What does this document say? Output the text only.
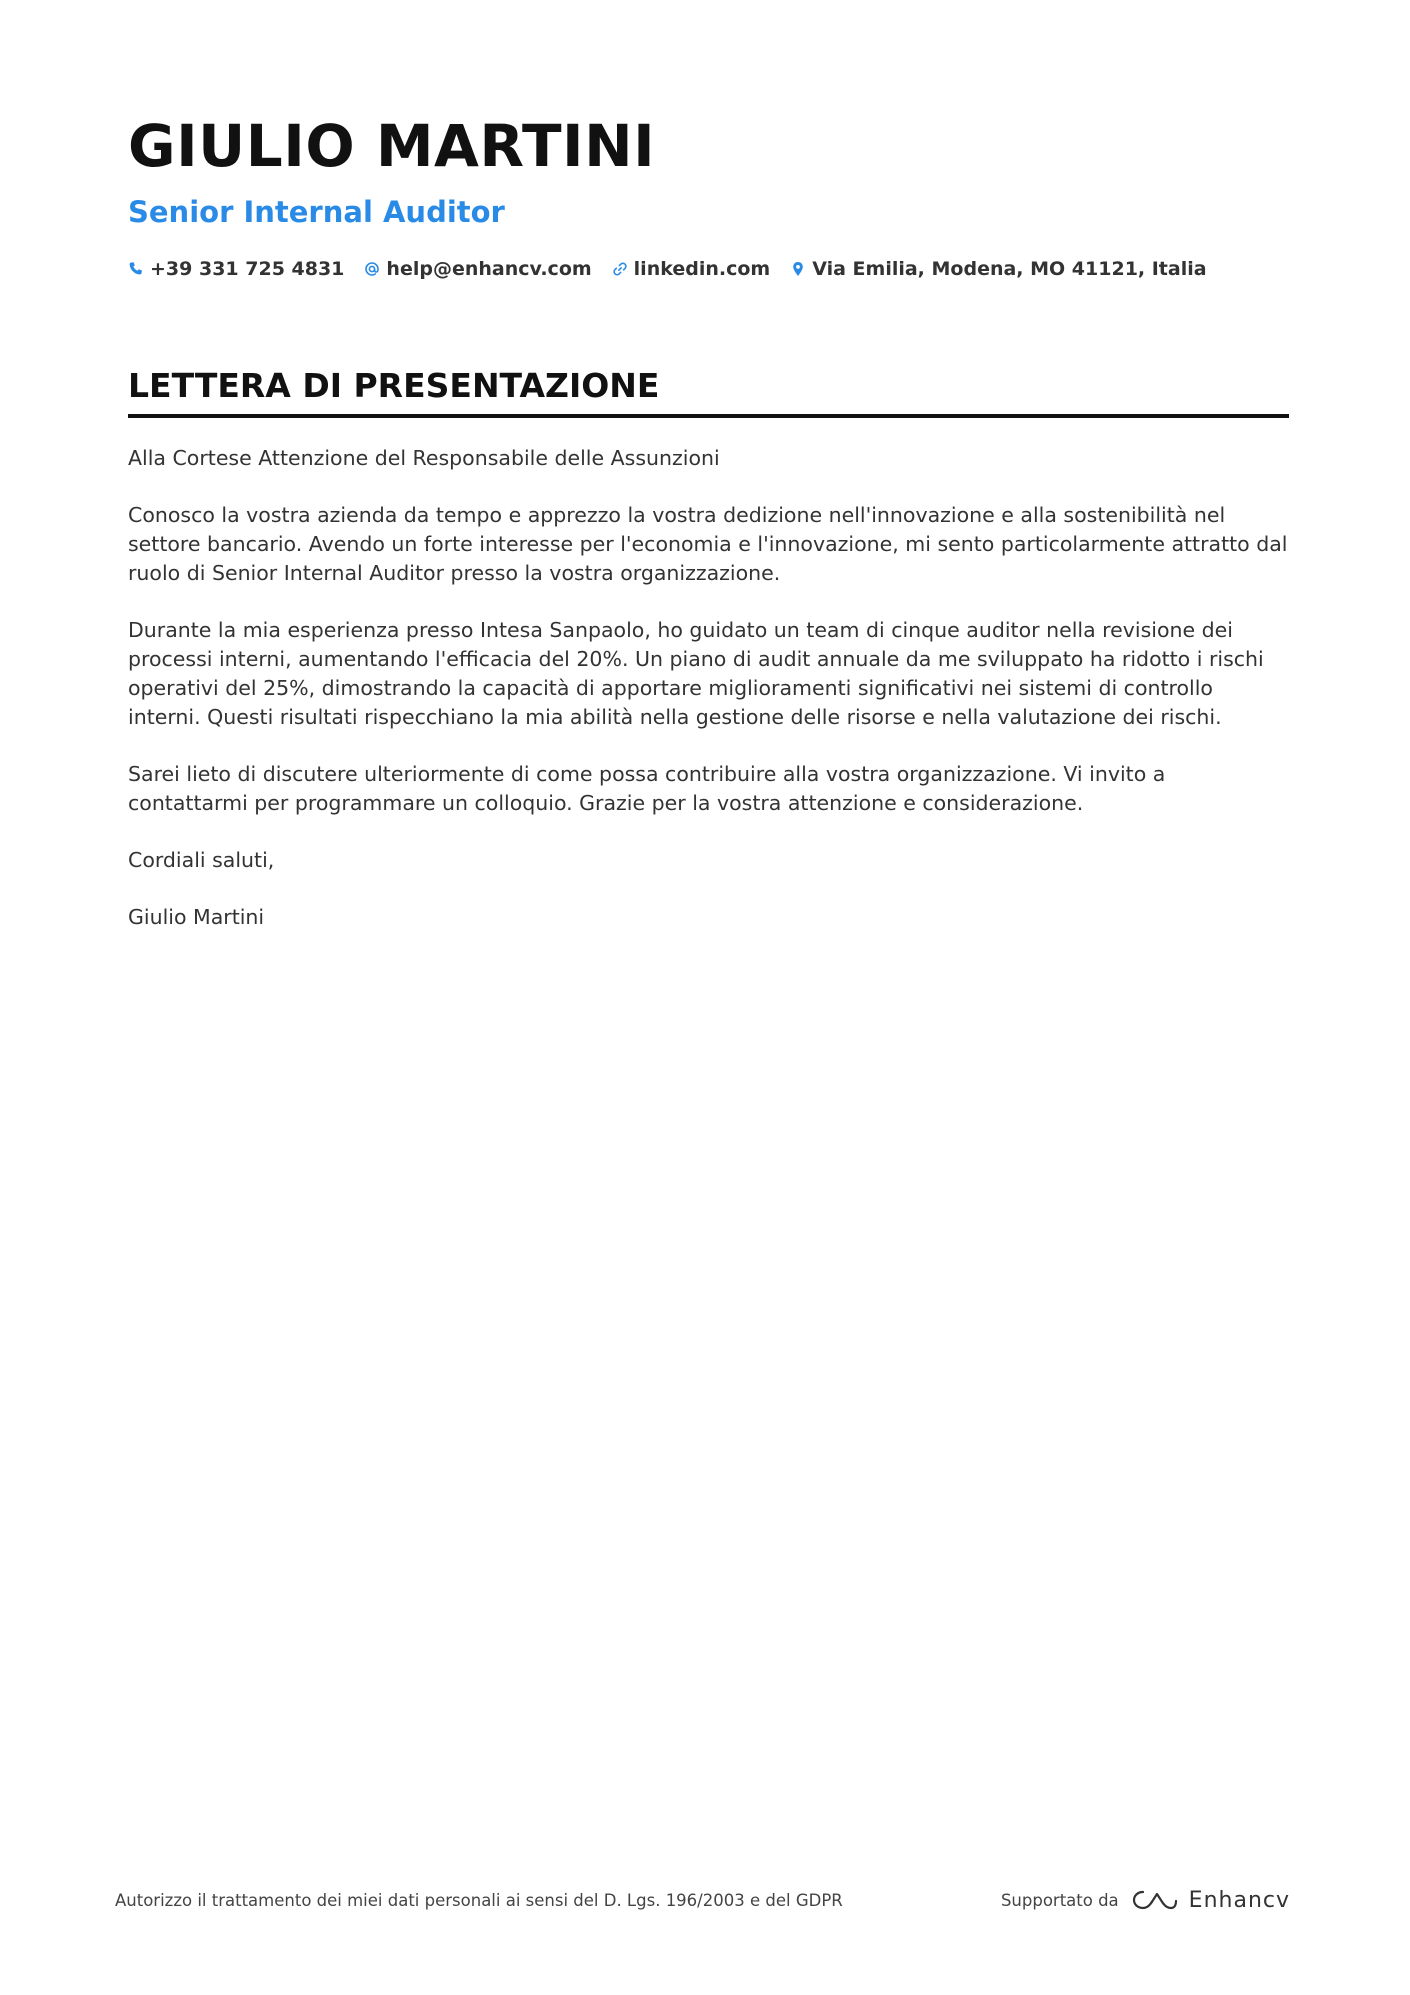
GIULIO MARTINI
Senior Internal Auditor
+39 331 725 4831 help@enhancv.com linkedin.com Via Emilia, Modena, MO 41121, Italia
LETTERA DI PRESENTAZIONE

Alla Cortese Attenzione del Responsabile delle Assunzioni

Conosco la vostra azienda da tempo e apprezzo la vostra dedizione nell'innovazione e alla sostenibilità nel settore bancario. Avendo un forte interesse per l'economia e l'innovazione, mi sento particolarmente attratto dal ruolo di Senior Internal Auditor presso la vostra organizzazione.

Durante la mia esperienza presso Intesa Sanpaolo, ho guidato un team di cinque auditor nella revisione dei processi interni, aumentando l'efficacia del 20%. Un piano di audit annuale da me sviluppato ha ridotto i rischi operativi del 25%, dimostrando la capacità di apportare miglioramenti significativi nei sistemi di controllo interni. Questi risultati rispecchiano la mia abilità nella gestione delle risorse e nella valutazione dei rischi.

Sarei lieto di discutere ulteriormente di come possa contribuire alla vostra organizzazione. Vi invito a contattarmi per programmare un colloquio. Grazie per la vostra attenzione e considerazione.

Cordiali saluti,

Giulio Martini

Autorizzo il trattamento dei miei dati personali ai sensi del D. Lgs. 196/2003 e del GDPR	Supportato da	Enhancv
